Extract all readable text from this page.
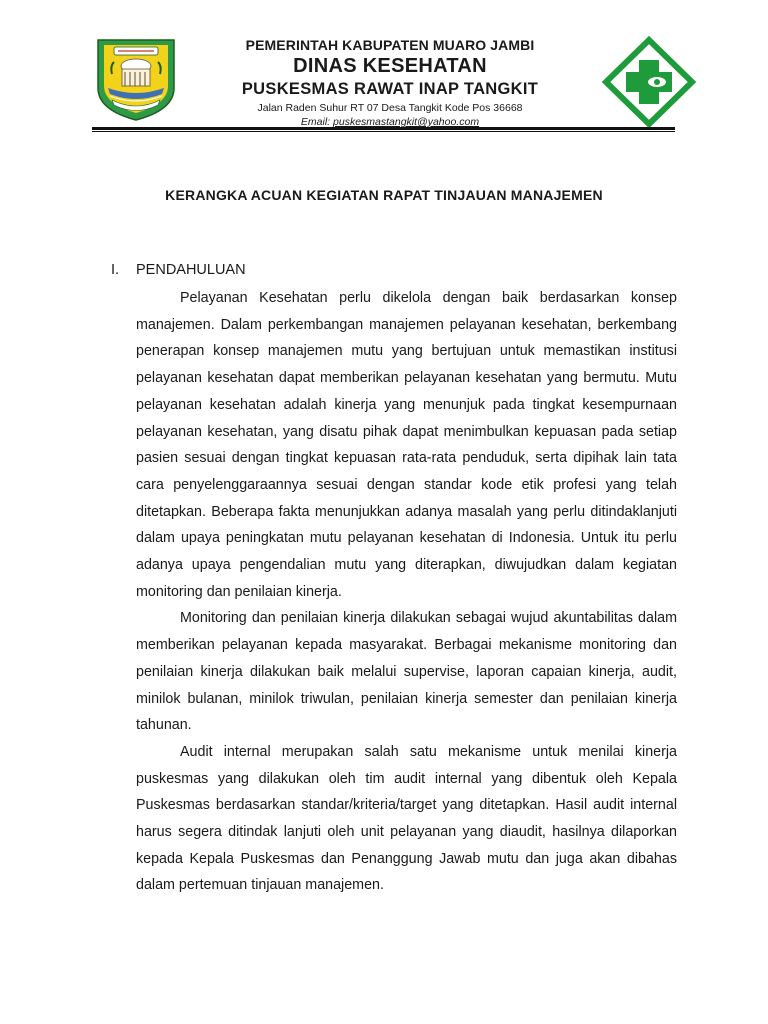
PEMERINTAH KABUPATEN MUARO JAMBI
DINAS KESEHATAN
PUSKESMAS RAWAT INAP TANGKIT
Jalan Raden Suhur RT 07 Desa Tangkit Kode Pos 36668
Email: puskesmastangkit@yahoo.com
KERANGKA ACUAN KEGIATAN RAPAT TINJAUAN MANAJEMEN
I. PENDAHULUAN

Pelayanan Kesehatan perlu dikelola dengan baik berdasarkan konsep manajemen. Dalam perkembangan manajemen pelayanan kesehatan, berkembang penerapan konsep manajemen mutu yang bertujuan untuk memastikan institusi pelayanan kesehatan dapat memberikan pelayanan kesehatan yang bermutu. Mutu pelayanan kesehatan adalah kinerja yang menunjuk pada tingkat kesempurnaan pelayanan kesehatan, yang disatu pihak dapat menimbulkan kepuasan pada setiap pasien sesuai dengan tingkat kepuasan rata-rata penduduk, serta dipihak lain tata cara penyelenggaraannya sesuai dengan standar kode etik profesi yang telah ditetapkan. Beberapa fakta menunjukkan adanya masalah yang perlu ditindaklanjuti dalam upaya peningkatan mutu pelayanan kesehatan di Indonesia. Untuk itu perlu adanya upaya pengendalian mutu yang diterapkan, diwujudkan dalam kegiatan monitoring dan penilaian kinerja.

Monitoring dan penilaian kinerja dilakukan sebagai wujud akuntabilitas dalam memberikan pelayanan kepada masyarakat. Berbagai mekanisme monitoring dan penilaian kinerja dilakukan baik melalui supervise, laporan capaian kinerja, audit, minilok bulanan, minilok triwulan, penilaian kinerja semester dan penilaian kinerja tahunan.

Audit internal merupakan salah satu mekanisme untuk menilai kinerja puskesmas yang dilakukan oleh tim audit internal yang dibentuk oleh Kepala Puskesmas berdasarkan standar/kriteria/target yang ditetapkan. Hasil audit internal harus segera ditindak lanjuti oleh unit pelayanan yang diaudit, hasilnya dilaporkan kepada Kepala Puskesmas dan Penanggung Jawab mutu dan juga akan dibahas dalam pertemuan tinjauan manajemen.
